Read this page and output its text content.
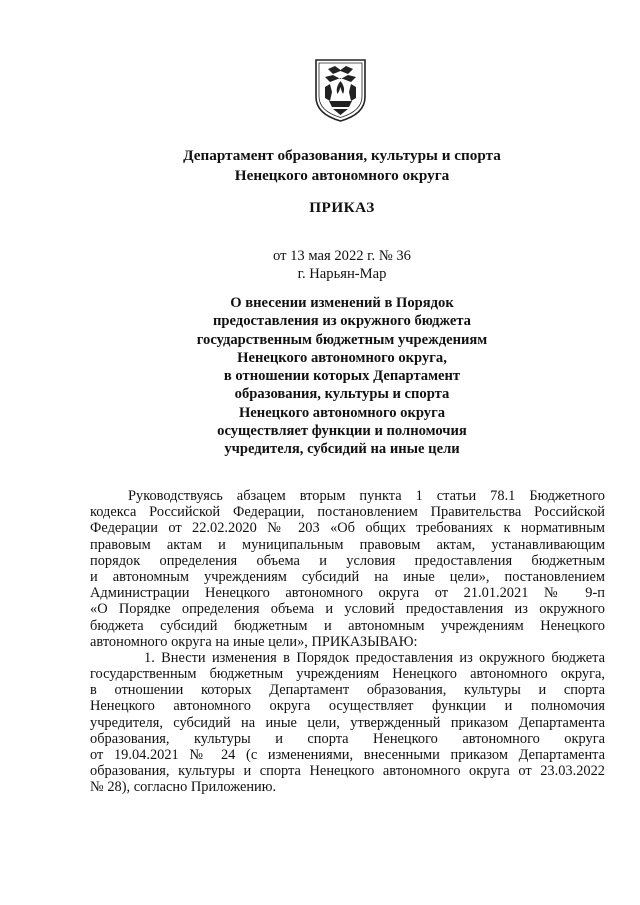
Департамент образования, культуры и спорта
Ненецкого автономного округа
ПРИКАЗ
от 13 мая 2022 г. № 36
г. Нарьян-Мар
О внесении изменений в Порядок
предоставления из окружного бюджета
государственным бюджетным учреждениям
Ненецкого автономного округа,
в отношении которых Департамент
образования, культуры и спорта
Ненецкого автономного округа
осуществляет функции и полномочия
учредителя, субсидий на иные цели
Руководствуясь абзацем вторым пункта 1 статьи 78.1 Бюджетного
кодекса Российской Федерации, постановлением Правительства Российской
Федерации от 22.02.2020 № 203 «Об общих требованиях к нормативным
правовым актам и муниципальным правовым актам, устанавливающим
порядок определения объема и условия предоставления бюджетным
и автономным учреждениям субсидий на иные цели», постановлением
Администрации Ненецкого автономного округа от 21.01.2021 № 9-п
«О Порядке определения объема и условий предоставления из окружного
бюджета субсидий бюджетным и автономным учреждениям Ненецкого
автономного округа на иные цели», ПРИКАЗЫВАЮ:
1. Внести изменения в Порядок предоставления из окружного бюджета
государственным бюджетным учреждениям Ненецкого автономного округа,
в отношении которых Департамент образования, культуры и спорта
Ненецкого автономного округа осуществляет функции и полномочия
учредителя, субсидий на иные цели, утвержденный приказом Департамента
образования, культуры и спорта Ненецкого автономного округа
от 19.04.2021 № 24 (с изменениями, внесенными приказом Департамента
образования, культуры и спорта Ненецкого автономного округа от 23.03.2022
№ 28), согласно Приложению.
